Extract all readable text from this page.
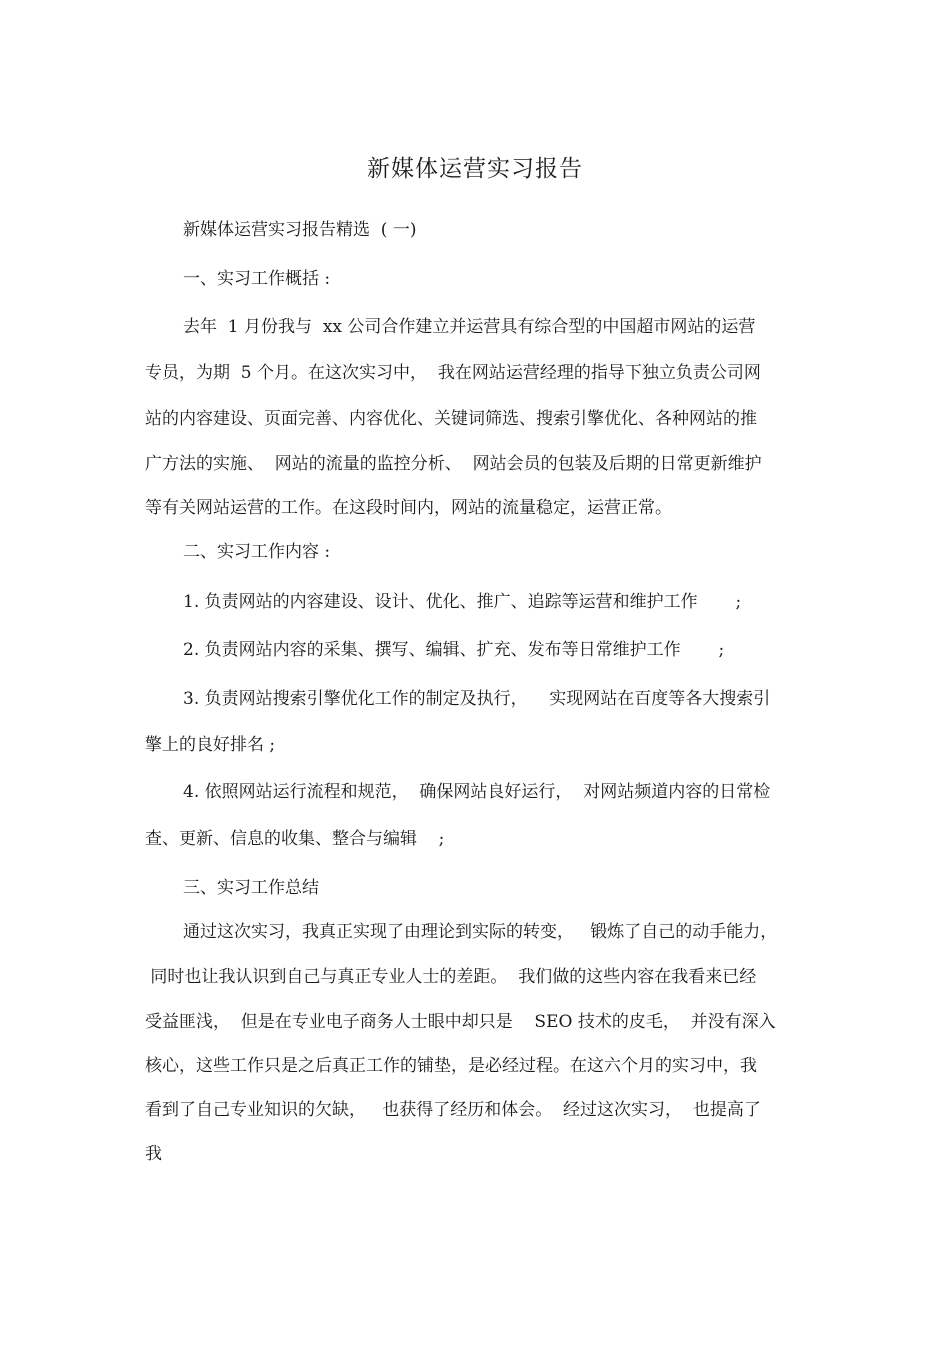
新媒体运营实习报告
新媒体运营实习报告精选  ( 一)
一、实习工作概括 :
去年  1 月份我与  xx 公司合作建立并运营具有综合型的中国超市网站的运营
专员，为期  5 个月。在这次实习中，  我在网站运营经理的指导下独立负责公司网
站的内容建设、页面完善、内容优化、关键词筛选、搜索引擎优化、各种网站的推
广方法的实施、  网站的流量的监控分析、  网站会员的包装及后期的日常更新维护
等有关网站运营的工作。在这段时间内，网站的流量稳定，运营正常。
二、实习工作内容 :
1. 负责网站的内容建设、设计、优化、推广、追踪等运营和维护工作       ;
2. 负责网站内容的采集、撰写、编辑、扩充、发布等日常维护工作       ;
3. 负责网站搜索引擎优化工作的制定及执行，    实现网站在百度等各大搜索引
擎上的良好排名 ;
4. 依照网站运行流程和规范，  确保网站良好运行，  对网站频道内容的日常检
查、更新、信息的收集、整合与编辑    ;
三、实习工作总结
通过这次实习，我真正实现了由理论到实际的转变，   锻炼了自己的动手能力，
同时也让我认识到自己与真正专业人士的差距。  我们做的这些内容在我看来已经
受益匪浅，  但是在专业电子商务人士眼中却只是    SEO 技术的皮毛，  并没有深入
核心，这些工作只是之后真正工作的铺垫，是必经过程。在这六个月的实习中，我
看到了自己专业知识的欠缺，   也获得了经历和体会。  经过这次实习，  也提高了
我
